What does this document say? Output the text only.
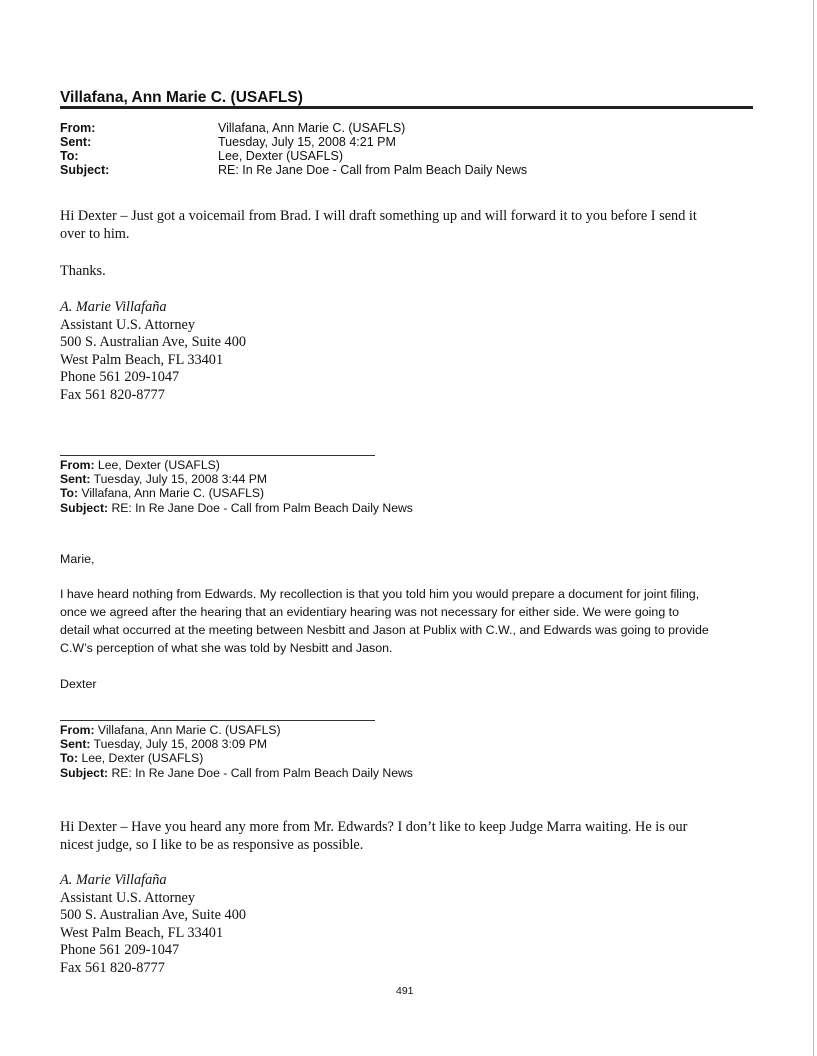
Villafana, Ann Marie C. (USAFLS)
From:	Villafana, Ann Marie C. (USAFLS)
Sent:	Tuesday, July 15, 2008 4:21 PM
To:	Lee, Dexter (USAFLS)
Subject:	RE: In Re Jane Doe - Call from Palm Beach Daily News

Hi Dexter – Just got a voicemail from Brad. I will draft something up and will forward it to you before I send it

over to him.

Thanks.

A. Marie Villafaña

Assistant U.S. Attorney

500 S. Australian Ave, Suite 400

West Palm Beach, FL 33401

Phone 561 209-1047

Fax 561 820-8777

From: Lee, Dexter (USAFLS)

Sent: Tuesday, July 15, 2008 3:44 PM

To: Villafana, Ann Marie C. (USAFLS)

Subject: RE: In Re Jane Doe - Call from Palm Beach Daily News

Marie,

I have heard nothing from Edwards. My recollection is that you told him you would prepare a document for joint filing,

once we agreed after the hearing that an evidentiary hearing was not necessary for either side. We were going to

detail what occurred at the meeting between Nesbitt and Jason at Publix with C.W., and Edwards was going to provide

C.W’s perception of what she was told by Nesbitt and Jason.

Dexter

From: Villafana, Ann Marie C. (USAFLS)

Sent: Tuesday, July 15, 2008 3:09 PM

To: Lee, Dexter (USAFLS)

Subject: RE: In Re Jane Doe - Call from Palm Beach Daily News

Hi Dexter – Have you heard any more from Mr. Edwards? I don’t like to keep Judge Marra waiting. He is our

nicest judge, so I like to be as responsive as possible.

A. Marie Villafaña

Assistant U.S. Attorney

500 S. Australian Ave, Suite 400

West Palm Beach, FL 33401

Phone 561 209-1047

Fax 561 820-8777

491
